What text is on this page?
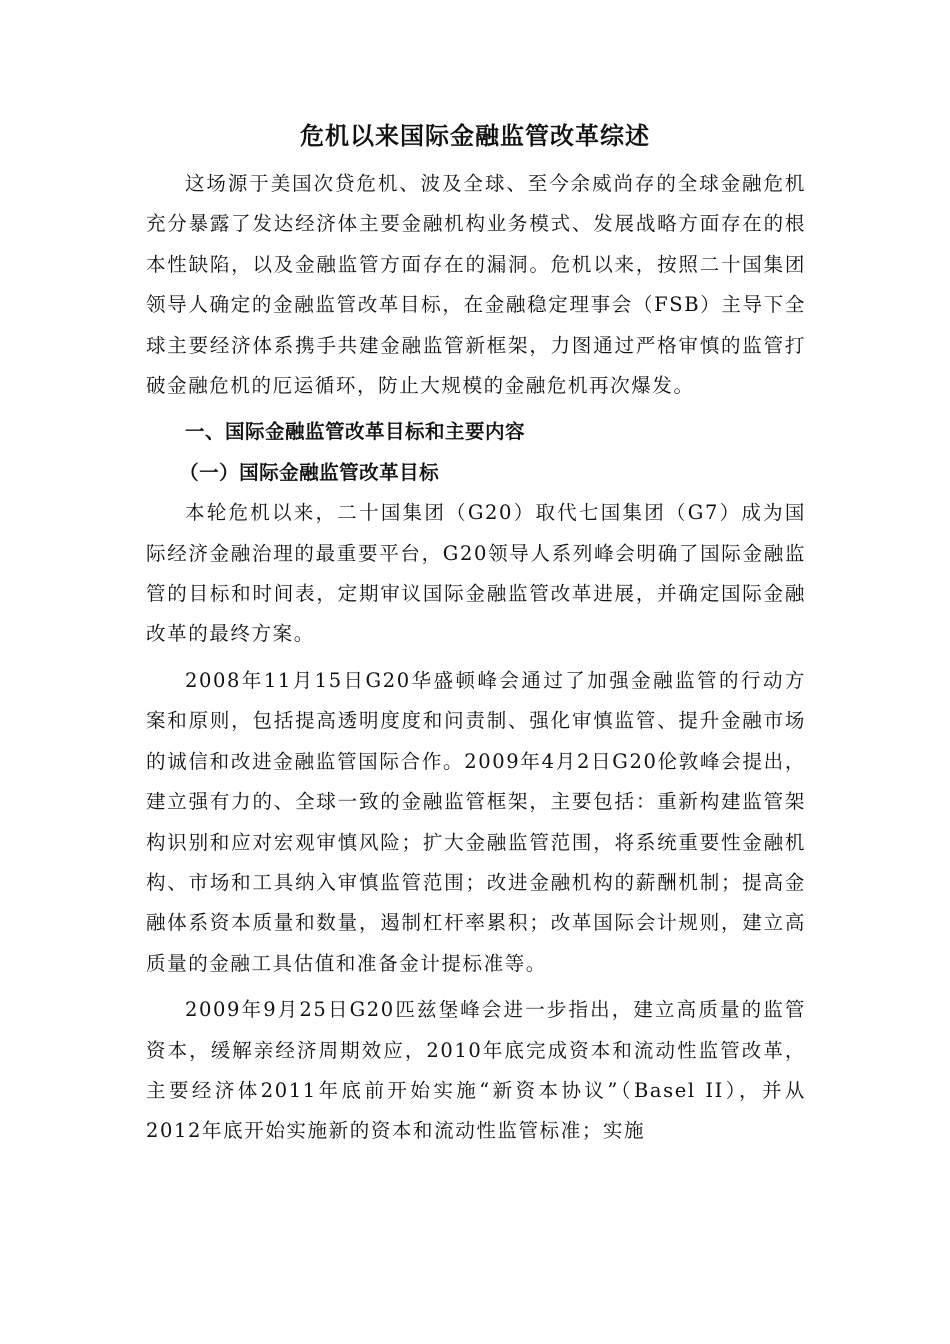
危机以来国际金融监管改革综述

这场源于美国次贷危机、波及全球、至今余威尚存的全球金融危机充分暴露了发达经济体主要金融机构业务模式、发展战略方面存在的根本性缺陷，以及金融监管方面存在的漏洞。危机以来，按照二十国集团领导人确定的金融监管改革目标，在金融稳定理事会（FSB）主导下全球主要经济体系携手共建金融监管新框架，力图通过严格审慎的监管打破金融危机的厄运循环，防止大规模的金融危机再次爆发。

一、国际金融监管改革目标和主要内容

（一）国际金融监管改革目标

本轮危机以来，二十国集团（G20）取代七国集团（G7）成为国际经济金融治理的最重要平台，G20领导人系列峰会明确了国际金融监管的目标和时间表，定期审议国际金融监管改革进展，并确定国际金融改革的最终方案。

2008年11月15日G20华盛顿峰会通过了加强金融监管的行动方案和原则，包括提高透明度度和问责制、强化审慎监管、提升金融市场的诚信和改进金融监管国际合作。2009年4月2日G20伦敦峰会提出，建立强有力的、全球一致的金融监管框架，主要包括：重新构建监管架构识别和应对宏观审慎风险；扩大金融监管范围，将系统重要性金融机构、市场和工具纳入审慎监管范围；改进金融机构的薪酬机制；提高金融体系资本质量和数量，遏制杠杆率累积；改革国际会计规则，建立高质量的金融工具估值和准备金计提标准等。

2009年9月25日G20匹兹堡峰会进一步指出，建立高质量的监管资本，缓解亲经济周期效应，2010年底完成资本和流动性监管改革，主要经济体2011年底前开始实施“新资本协议”（Basel II），并从2012年底开始实施新的资本和流动性监管标准；实施
